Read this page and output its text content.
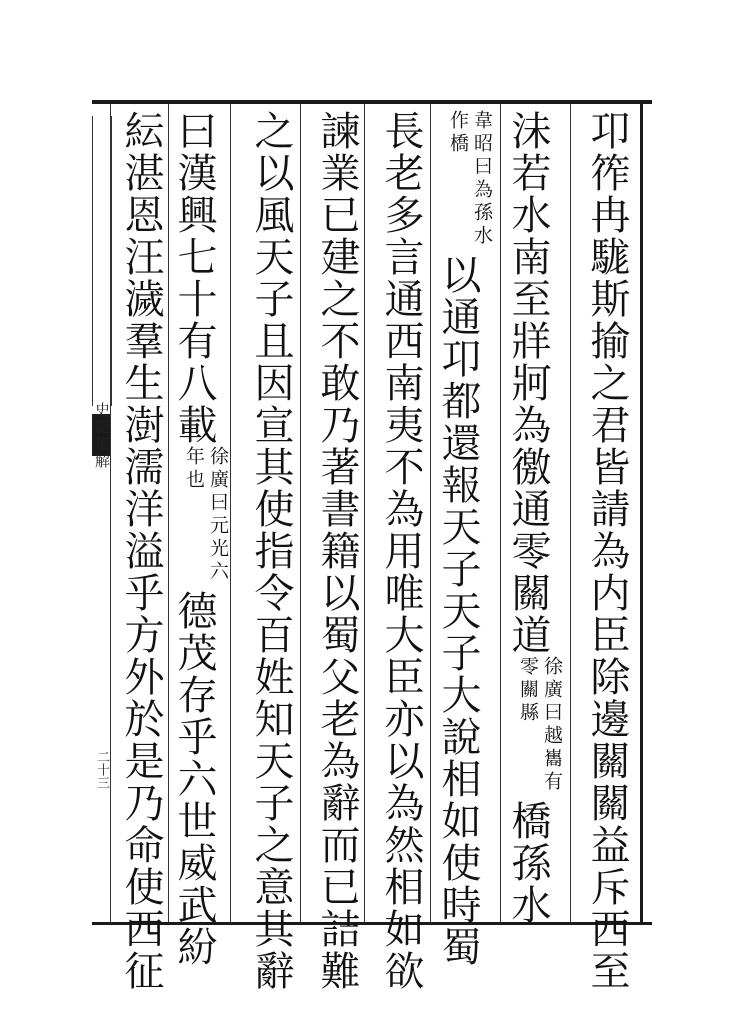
史記集解
二十三	卭筰冉駹斯揄之君皆請為内臣除邊關關益斥西至
沬若水南至牂牁為徼通零關道徐廣曰越巂有零關縣橋孫水
韋昭曰為孫水作橋以通卭都還報天子天子大說相如使時蜀
長老多言通西南夷不為用唯大臣亦以為然相如欲
諫業已建之不敢乃著書籍以蜀父老為辭而已詰難
之以風天子且因宣其使指令百姓知天子之意其辭
曰漢興七十有八載徐廣曰元光六年也德茂存乎六世威武紛
紜湛恩汪濊羣生澍濡洋溢乎方外於是乃命使西征
